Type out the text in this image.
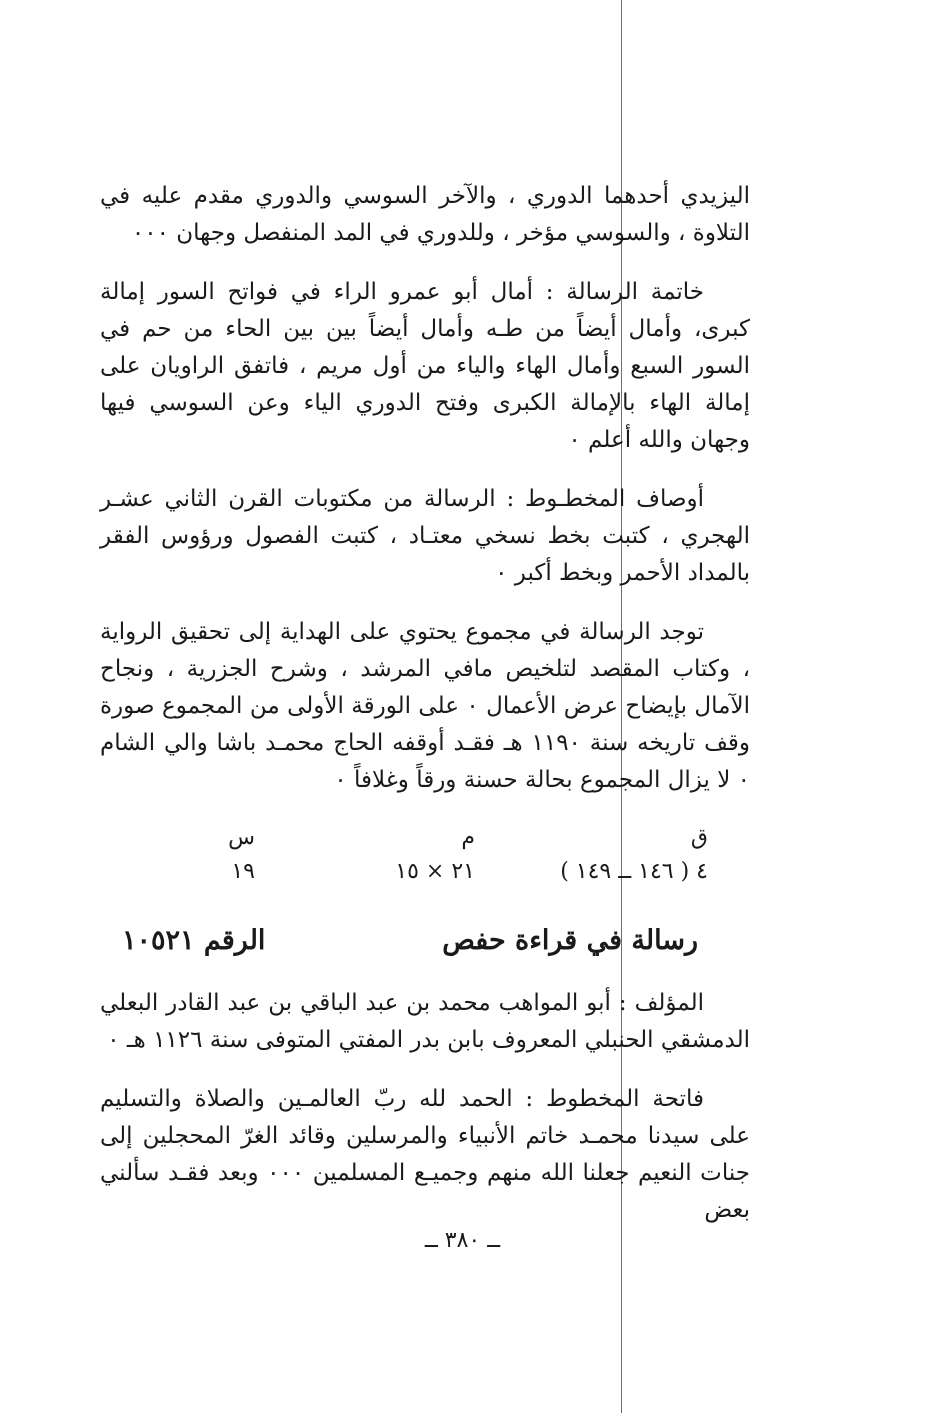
اليزيدي أحدهما الدوري ، والآخر السوسي والدوري مقدم عليه في التلاوة ، والسوسي مؤخر ، وللدوري في المد المنفصل وجهان ٠٠٠

خاتمة الرسالة : أمال أبو عمرو الراء في فواتح السور إمالة كبرى، وأمال أيضاً من طـه وأمال أيضاً بين بين الحاء من حم في السور السبع وأمال الهاء والياء من أول مريم ، فاتفق الراويان على إمالة الهاء بالإمالة الكبرى وفتح الدوري الياء وعن السوسي فيها وجهان والله أعلم ٠

أوصاف المخطـوط : الرسالة من مكتوبات القرن الثاني عشـر الهجري ، كتبت بخط نسخي معتـاد ، كتبت الفصول ورؤوس الفقر بالمداد الأحمر وبخط أكبر ٠

توجد الرسالة في مجموع يحتوي على الهداية إلى تحقيق الرواية ، وكتاب المقصد لتلخيص مافي المرشد ، وشرح الجزرية ، ونجاح الآمال بإيضاح عرض الأعمال ٠ على الورقة الأولى من المجموع صورة وقف تاريخه سنة ١١٩٠ هـ فقـد أوقفه الحاج محمـد باشا والي الشام ٠ لا يزال المجموع بحالة حسنة ورقاً وغلافاً ٠

ق
٤ ( ١٤٦ ــ ١٤٩ )
م
٢١ × ١٥
س
١٩
رسالة في قراءة حفص
الرقم ١٠٥٢١

المؤلف : أبو المواهب محمد بن عبد الباقي بن عبد القادر البعلي الدمشقي الحنبلي المعروف بابن بدر المفتي المتوفى سنة ١١٢٦ هـ ٠

فاتحة المخطوط : الحمد لله ربّ العالمـين والصلاة والتسليم على سيدنا محمـد خاتم الأنبياء والمرسلين وقائد الغرّ المحجلين إلى جنات النعيم جعلنا الله منهم وجميـع المسلمين ٠٠٠ وبعد فقـد سألني بعض

ــ ٣٨٠ ــ
